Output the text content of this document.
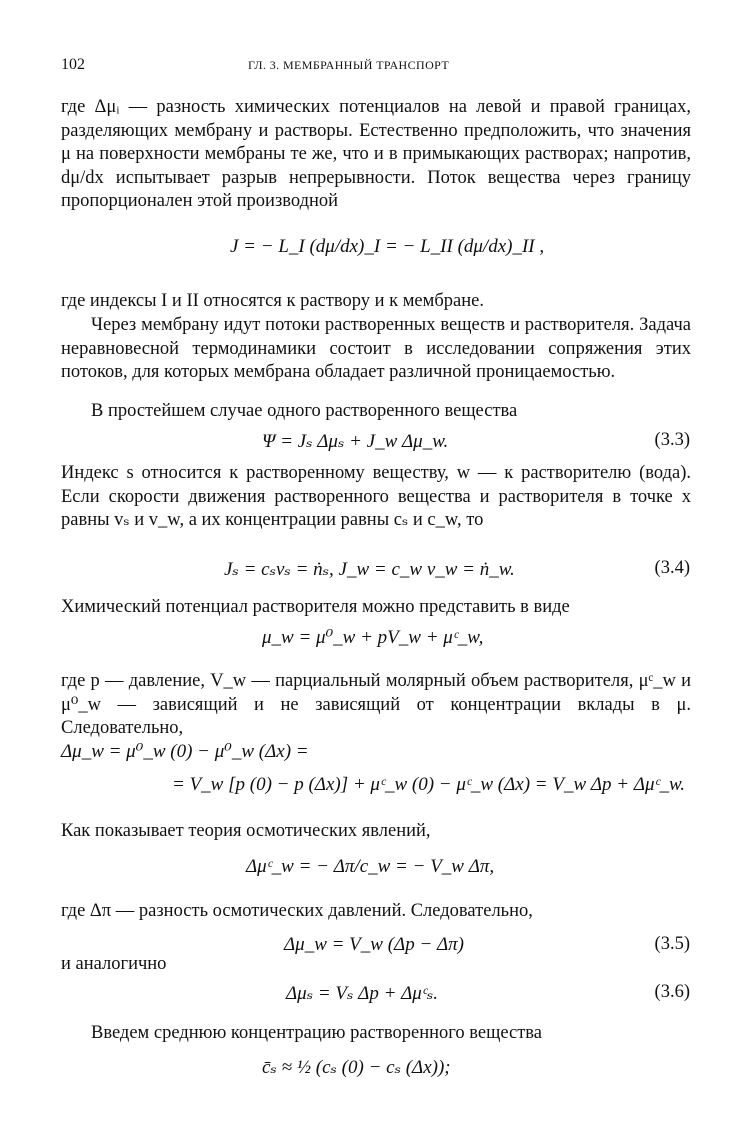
102	ГЛ. 3. МЕМБРАННЫЙ ТРАНСПОРТ
где Δμᵢ — разность химических потенциалов на левой и правой границах, разделяющих мембрану и растворы. Естественно предположить, что значения μ на поверхности мембраны те же, что и в примыкающих растворах; напротив, dμ/dx испытывает разрыв непрерывности. Поток вещества через границу пропорционален этой производной
J = − L_I (dμ/dx)_I = − L_II (dμ/dx)_II ,
где индексы I и II относятся к раствору и к мембране.
Через мембрану идут потоки растворенных веществ и растворителя. Задача неравновесной термодинамики состоит в исследовании сопряжения этих потоков, для которых мембрана обладает различной проницаемостью.
В простейшем случае одного растворенного вещества
Ψ = Jₛ Δμₛ + J_w Δμ_w.	(3.3)
Индекс s относится к растворенному веществу, w — к растворителю (вода). Если скорости движения растворенного вещества и растворителя в точке x равны vₛ и v_w, а их концентрации равны cₛ и c_w, то
Jₛ = cₛvₛ = ṅₛ, J_w = c_w v_w = ṅ_w.	(3.4)
Химический потенциал растворителя можно представить в виде
μ_w = μ⁰_w + pV_w + μᶜ_w,
где p — давление, V_w — парциальный молярный объем растворителя, μᶜ_w и μ⁰_w — зависящий и не зависящий от концентрации вклады в μ. Следовательно,
Δμ_w = μ⁰_w (0) − μ⁰_w (Δx) =
= V_w [p (0) − p (Δx)] + μᶜ_w (0) − μᶜ_w (Δx) = V_w Δp + Δμᶜ_w.
Как показывает теория осмотических явлений,
Δμᶜ_w = − Δπ/c_w = − V_w Δπ,
где Δπ — разность осмотических давлений. Следовательно,
Δμ_w = V_w (Δp − Δπ)	(3.5)
и аналогично
Δμₛ = Vₛ Δp + Δμᶜₛ.	(3.6)
Введем среднюю концентрацию растворенного вещества
c̄ₛ ≈ ½ (cₛ (0) − cₛ (Δx));
